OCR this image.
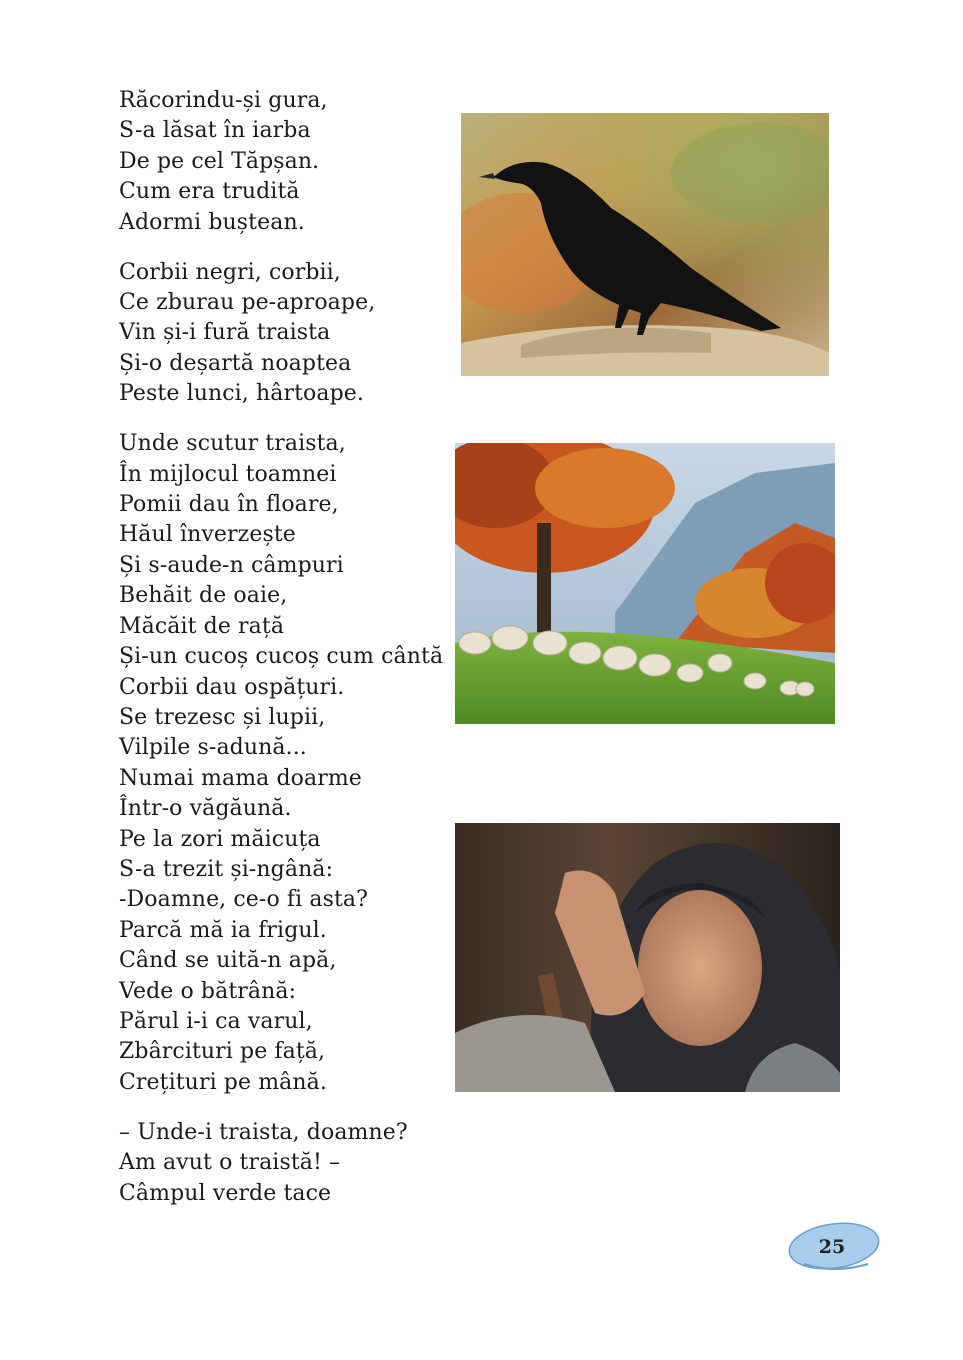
Răcorindu-și gura,
S-a lăsat în iarba
De pe cel Tăpșan.
Cum era trudită
Adormi buștean.
Corbii negri, corbii,
Ce zburau pe-aproape,
Vin și-i fură traista
Și-o deșartă noaptea
Peste lunci, hârtoape.
Unde scutur traista,
În mijlocul toamnei
Pomii dau în floare,
Hăul înverzește
Și s-aude-n câmpuri
Behăit de oaie,
Măcăit de rață
Și-un cucoș cucoș cum cântă
Corbii dau ospățuri.
Se trezesc și lupii,
Vilpile s-adună...
Numai mama doarme
Într-o văgăună.
Pe la zori măicuța
S-a trezit și-ngână:
-Doamne, ce-o fi asta?
Parcă mă ia frigul.
Când se uită-n apă,
Vede o bătrână:
Părul i-i ca varul,
Zbârcituri pe față,
Crețituri pe mână.
– Unde-i traista, doamne?
Am avut o traistă! –
Câmpul verde tace
25
